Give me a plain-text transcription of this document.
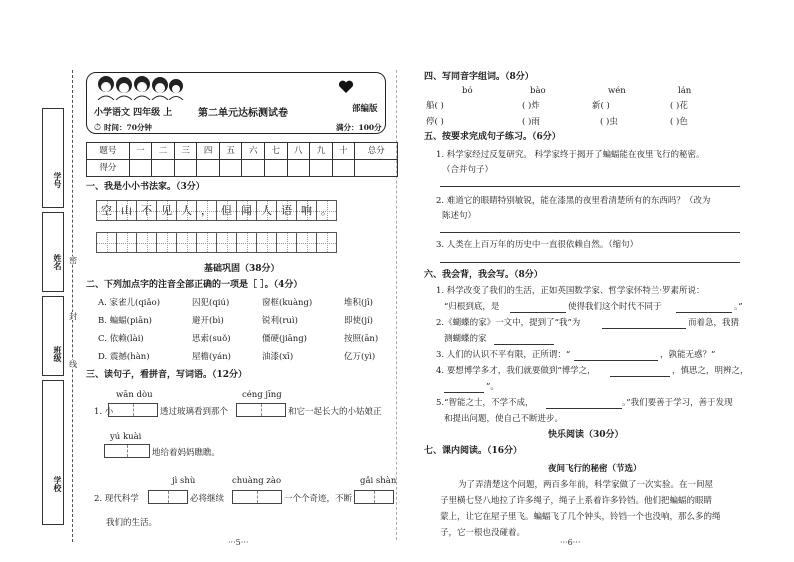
学号
姓名
班级
学校
密
封
线
小学语文 四年级 上	第二单元达标测试卷	部编版
⏱ 时间：70分钟	满分：100分
题号	一	二	三	四	五	六	七	八	九	十	总分
得分											
一、我是小小书法家。（3分）
空 山 不 见 人 ， 但 闻 人 语 响 。
基础巩固（38分）
二、下列加点字的注音全部正确的一项是［ ］。（4分）
A. 家雀儿(qiǎo)	囚犯(qiú)	窗框(kuàng)	堆积(jī)
B. 蝙蝠(piān)	避开(bì)	锐利(ruì)	即使(jí)
C. 依赖(lài)	思索(suǒ)	僵硬(jiāng)	按照(ān)
D. 震撼(hàn)	屋檐(yán)	油漆(xī)	亿万(yì)
三、读句子，看拼音，写词语。（12分）
wān dòu	céng jīng
1. 小	透过玻璃看到那个	和它一起长大的小姑娘正
yú kuài
地给着妈妈瞧瞧。
jì shù	chuàng zào	gǎi shàn
2. 现代科学	必将继续	一个个奇迹，不断
我们的生活。
···5···
四、写同音字组词。（8分）
bó	bào	wén	lán
船( )	( )炸	新( )	( )花
停( )	( )雨	( )虫	( )色
五、按要求完成句子练习。（6分）
1. 科学家经过反复研究。 科学家终于揭开了蝙蝠能在夜里飞行的秘密。
（合并句子）
2. 难道它的眼睛特别敏锐，能在漆黑的夜里看清楚所有的东西吗？（改为
陈述句）
3. 人类在上百万年的历史中一直很依赖自然。（缩句）
六、我会背，我会写。（8分）
1. 科学改变了我们的生活，正如英国数学家、哲学家怀特兰·罗素所说：
“归根到底，是	使得我们这个时代不同于	。”
2.《蝴蝶的家》一文中，提到了“我”为	而着急，我猜
测蝴蝶的家
3. 人们的认识不平有限，正所谓：“	，孰能无惑？”
4. 要想博学多才，我们就要做到“博学之，	，慎思之，明辨之，
”。
5.“智能之士，不学不成，	。”我们要善于学习，善于发现
和提出问题，使自己不断进步。
快乐阅读（30分）
七、课内阅读。（16分）
夜间飞行的秘密（节选）
为了弄清楚这个问题，两百多年前，科学家做了一次实验。在一间屋
子里横七竖八地拉了许多绳子，绳子上系着许多铃铛。他们把蝙蝠的眼睛
蒙上，让它在屋子里飞。蝙蝠飞了几个钟头，铃铛一个也没响，那么多的绳
子，它一根也没碰着。
···6···
